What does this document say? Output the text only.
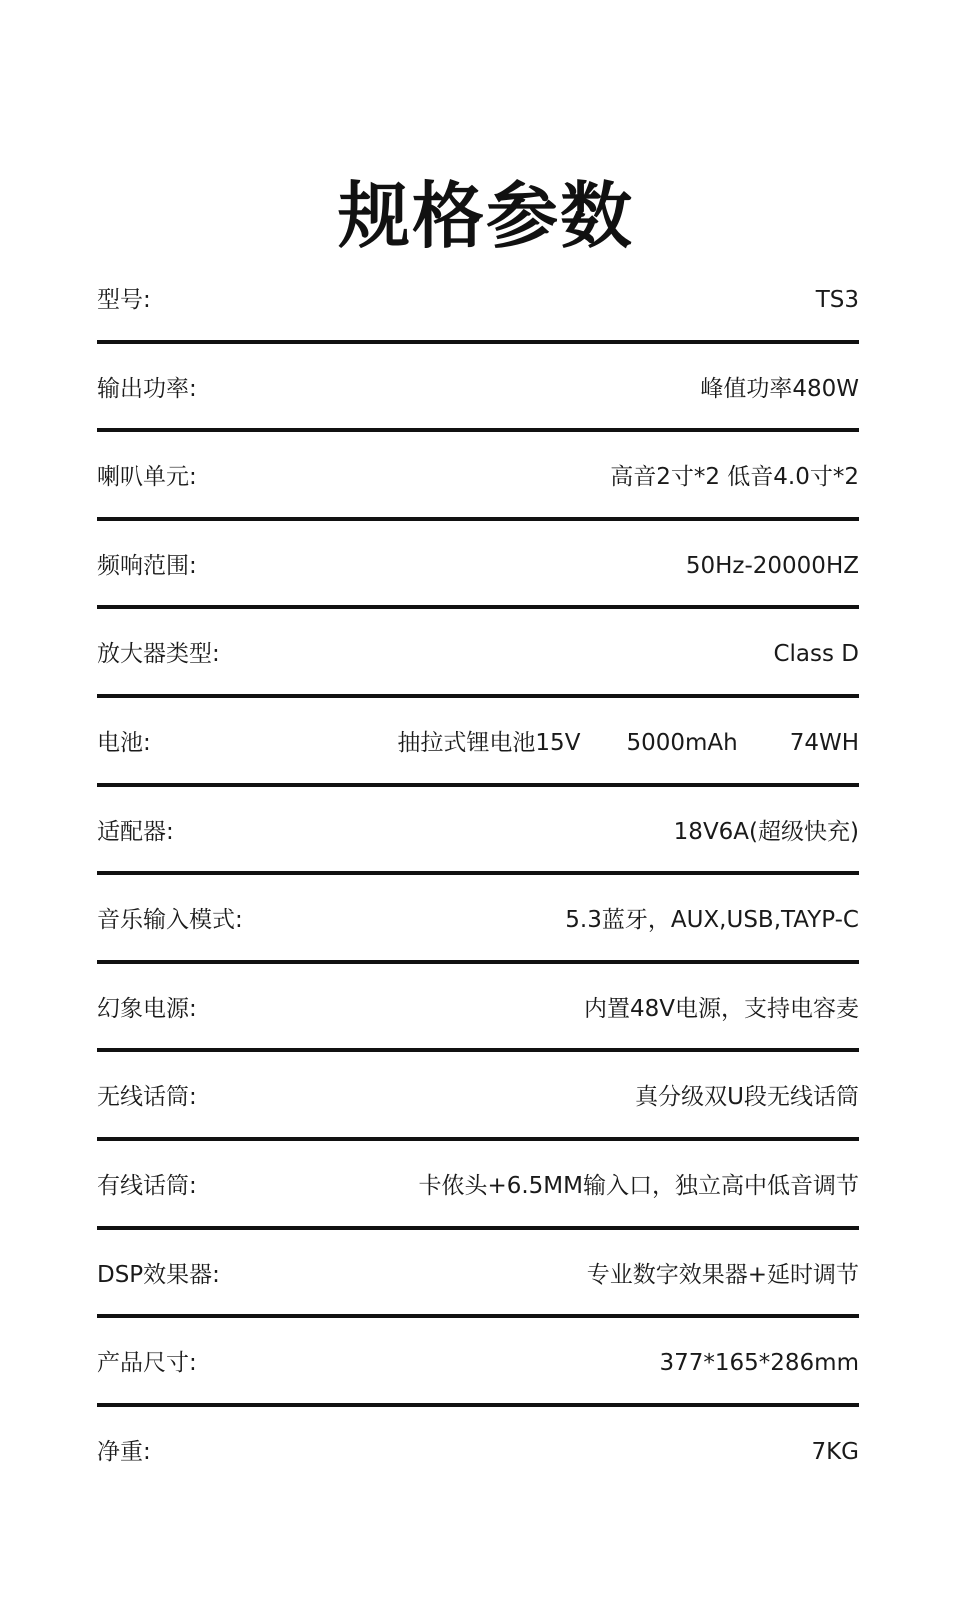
规格参数
型号:	TS3
输出功率:	峰值功率480W
喇叭单元:	高音2寸*2 低音4.0寸*2
频响范围:	50Hz-20000HZ
放大器类型:	Class D
电池:	抽拉式锂电池15V 5000mAh 74WH
适配器:	18V6A(超级快充)
音乐输入模式:	5.3蓝牙，AUX,USB,TAYP-C
幻象电源:	内置48V电源，支持电容麦
无线话筒:	真分级双U段无线话筒
有线话筒:	卡侬头+6.5MM输入口，独立高中低音调节
DSP效果器:	专业数字效果器+延时调节
产品尺寸:	377*165*286mm
净重:	7KG
